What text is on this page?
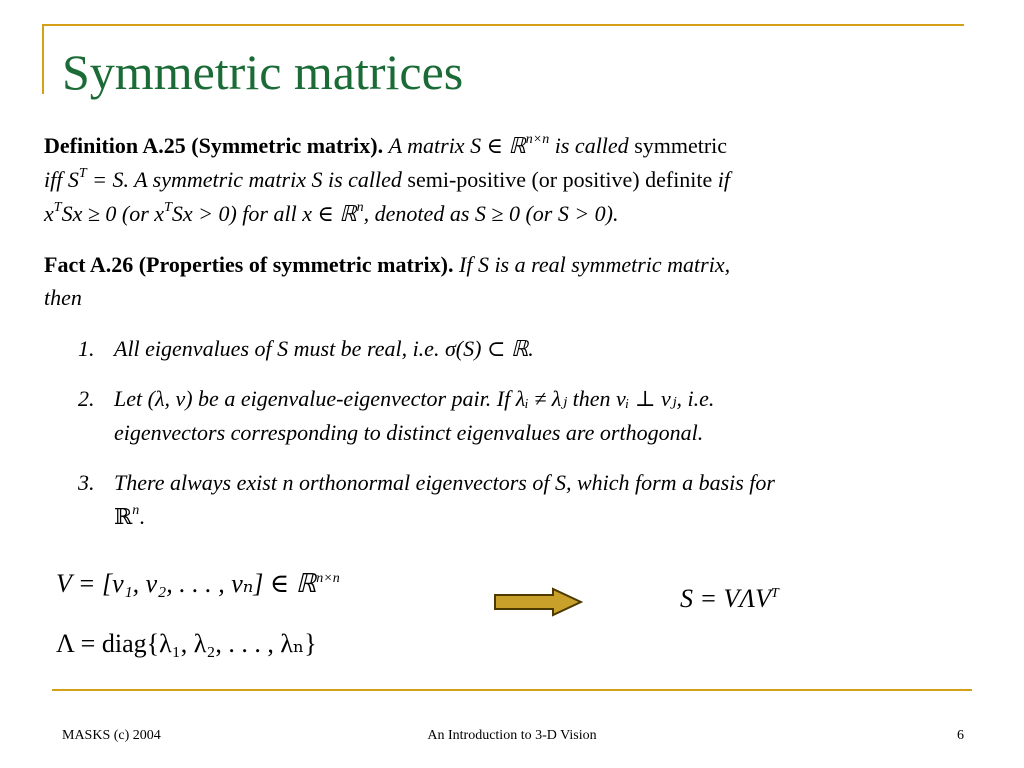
Symmetric matrices
Definition A.25 (Symmetric matrix). A matrix S ∈ ℝ$^{n\times n}$ is called symmetric
iff $S^T = S$. A symmetric matrix S is called semi-positive (or positive) definite if
$x^TSx \ge 0$ (or $x^TSx > 0$) for all x ∈ ℝ$^n$, denoted as S ≥ 0 (or S > 0).
Fact A.26 (Properties of symmetric matrix). If S is a real symmetric matrix,
then
1. All eigenvalues of S must be real, i.e. σ(S) ⊂ ℝ.
2. Let (λ, v) be a eigenvalue-eigenvector pair. If λᵢ ≠ λⱼ then vᵢ ⊥ vⱼ, i.e.
eigenvectors corresponding to distinct eigenvalues are orthogonal.
3. There always exist n orthonormal eigenvectors of S, which form a basis for
ℝ$^n$.
V = [v₁, v₂, . . . , vₙ] ∈ ℝ$^{n\times n}$
Λ = diag{λ₁, λ₂, . . . , λₙ}
$S = V\Lambda V^T$
MASKS (c) 2004	An Introduction to 3-D Vision	6
